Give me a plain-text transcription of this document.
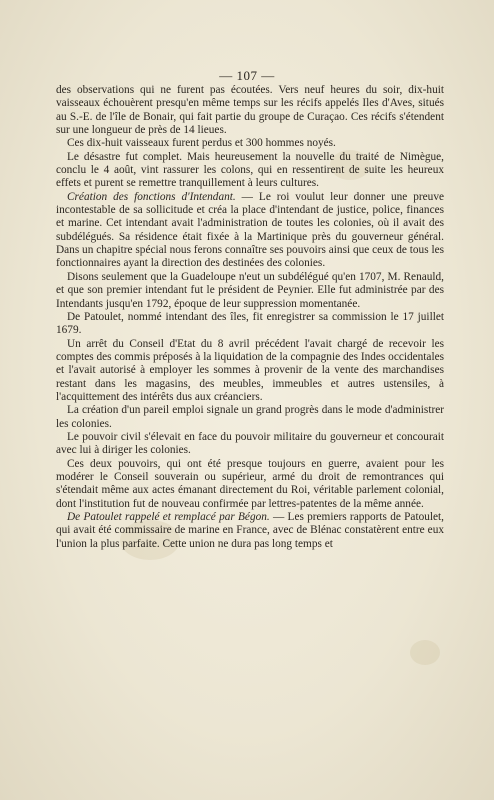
— 107 —

des observations qui ne furent pas écoutées. Vers neuf heures du soir, dix-huit vaisseaux échouèrent presqu'en même temps sur les récifs appelés Iles d'Aves, situés au S.-E. de l'île de Bonair, qui fait partie du groupe de Curaçao. Ces récifs s'étendent sur une longueur de près de 14 lieues.

Ces dix-huit vaisseaux furent perdus et 300 hommes noyés.

Le désastre fut complet. Mais heureusement la nouvelle du traité de Nimègue, conclu le 4 août, vint rassurer les colons, qui en ressentirent de suite les heureux effets et purent se remettre tranquillement à leurs cultures.

Création des fonctions d'Intendant. — Le roi voulut leur donner une preuve incontestable de sa sollicitude et créa la place d'intendant de justice, police, finances et marine. Cet intendant avait l'administration de toutes les colonies, où il avait des subdélégués. Sa résidence était fixée à la Martinique près du gouverneur général. Dans un chapitre spécial nous ferons connaître ses pouvoirs ainsi que ceux de tous les fonctionnaires ayant la direction des destinées des colonies.

Disons seulement que la Guadeloupe n'eut un subdélégué qu'en 1707, M. Renauld, et que son premier intendant fut le président de Peynier. Elle fut administrée par des Intendants jusqu'en 1792, époque de leur suppression momentanée.

De Patoulet, nommé intendant des îles, fit enregistrer sa commission le 17 juillet 1679.

Un arrêt du Conseil d'Etat du 8 avril précédent l'avait chargé de recevoir les comptes des commis préposés à la liquidation de la compagnie des Indes occidentales et l'avait autorisé à employer les sommes à provenir de la vente des marchandises restant dans les magasins, des meubles, immeubles et autres ustensiles, à l'acquittement des intérêts dus aux créanciers.

La création d'un pareil emploi signale un grand progrès dans le mode d'administrer les colonies.

Le pouvoir civil s'élevait en face du pouvoir militaire du gouverneur et concourait avec lui à diriger les colonies.

Ces deux pouvoirs, qui ont été presque toujours en guerre, avaient pour les modérer le Conseil souverain ou supérieur, armé du droit de remontrances qui s'étendait même aux actes émanant directement du Roi, véritable parlement colonial, dont l'institution fut de nouveau confirmée par lettres-patentes de la même année.

De Patoulet rappelé et remplacé par Bégon. — Les premiers rapports de Patoulet, qui avait été commissaire de marine en France, avec de Blénac constatèrent entre eux l'union la plus parfaite. Cette union ne dura pas long temps et
